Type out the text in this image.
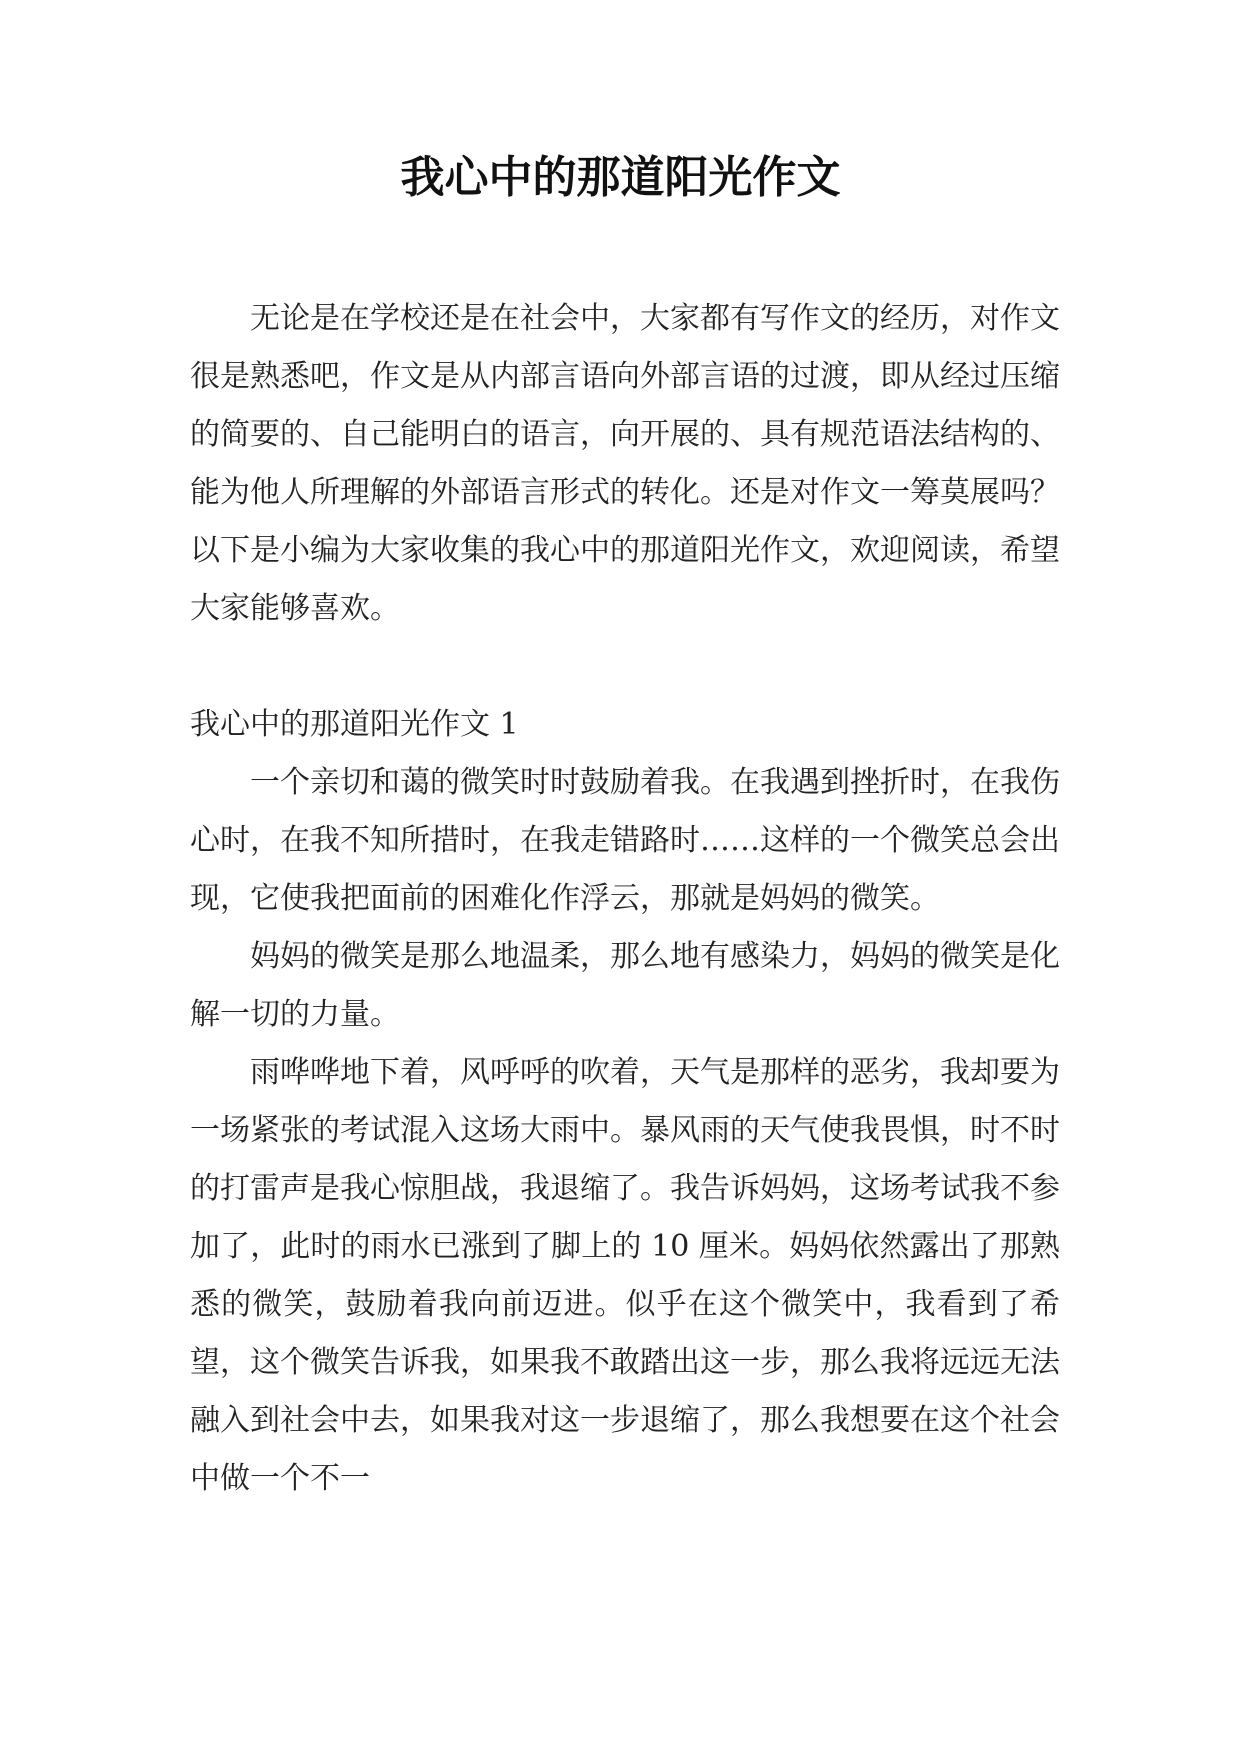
我心中的那道阳光作文

无论是在学校还是在社会中，大家都有写作文的经历，对作文很是熟悉吧，作文是从内部言语向外部言语的过渡，即从经过压缩的简要的、自己能明白的语言，向开展的、具有规范语法结构的、能为他人所理解的外部语言形式的转化。还是对作文一筹莫展吗？以下是小编为大家收集的我心中的那道阳光作文，欢迎阅读，希望大家能够喜欢。

我心中的那道阳光作文 1

一个亲切和蔼的微笑时时鼓励着我。在我遇到挫折时，在我伤心时，在我不知所措时，在我走错路时……这样的一个微笑总会出现，它使我把面前的困难化作浮云，那就是妈妈的微笑。

妈妈的微笑是那么地温柔，那么地有感染力，妈妈的微笑是化解一切的力量。

雨哗哗地下着，风呼呼的吹着，天气是那样的恶劣，我却要为一场紧张的考试混入这场大雨中。暴风雨的天气使我畏惧，时不时的打雷声是我心惊胆战，我退缩了。我告诉妈妈，这场考试我不参加了，此时的雨水已涨到了脚上的 10 厘米。妈妈依然露出了那熟悉的微笑，鼓励着我向前迈进。似乎在这个微笑中，我看到了希望，这个微笑告诉我，如果我不敢踏出这一步，那么我将远远无法融入到社会中去，如果我对这一步退缩了，那么我想要在这个社会中做一个不一
